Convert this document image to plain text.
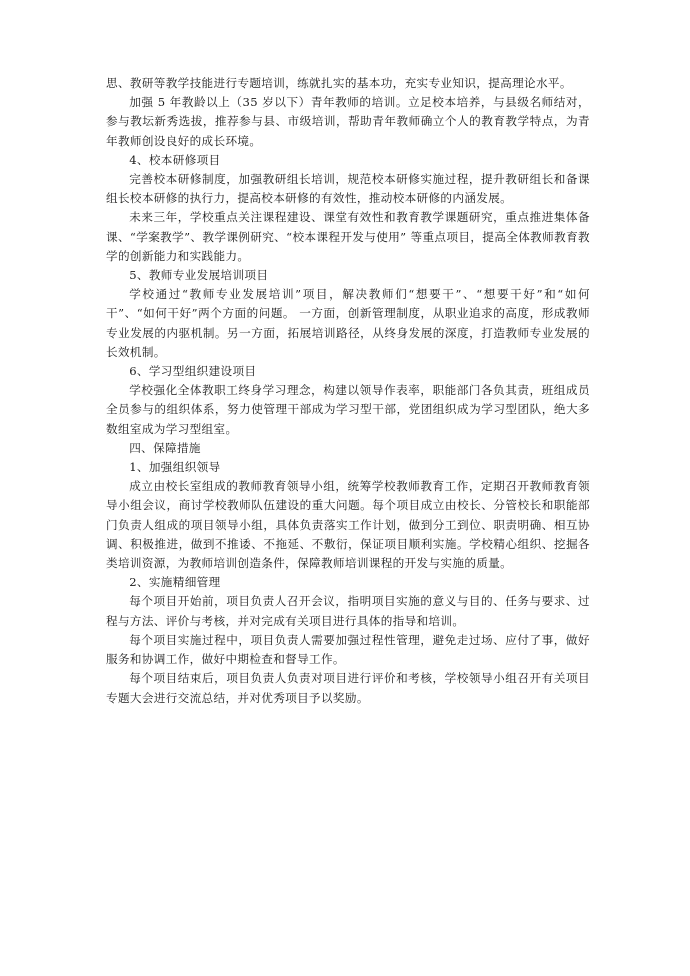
思、教研等教学技能进行专题培训，练就扎实的基本功，充实专业知识，提高理论水平。

加强 5 年教龄以上（35 岁以下）青年教师的培训。立足校本培养，与县级名师结对，参与教坛新秀选拔，推荐参与县、市级培训，帮助青年教师确立个人的教育教学特点，为青年教师创设良好的成长环境。

4、校本研修项目

完善校本研修制度，加强教研组长培训，规范校本研修实施过程，提升教研组长和备课组长校本研修的执行力，提高校本研修的有效性，推动校本研修的内涵发展。

未来三年，学校重点关注课程建设、课堂有效性和教育教学课题研究，重点推进集体备课、“学案教学”、教学课例研究、“校本课程开发与使用” 等重点项目，提高全体教师教育教学的创新能力和实践能力。

5、教师专业发展培训项目

学校通过“教师专业发展培训”项目，解决教师们“想要干”、“想要干好”和“如何干”、“如何干好”两个方面的问题。 一方面，创新管理制度，从职业追求的高度，形成教师专业发展的内驱机制。另一方面，拓展培训路径，从终身发展的深度，打造教师专业发展的长效机制。

6、学习型组织建设项目

学校强化全体教职工终身学习理念，构建以领导作表率，职能部门各负其责，班组成员全员参与的组织体系，努力使管理干部成为学习型干部，党团组织成为学习型团队，绝大多数组室成为学习型组室。

四、保障措施

1、加强组织领导

成立由校长室组成的教师教育领导小组，统筹学校教师教育工作，定期召开教师教育领导小组会议，商讨学校教师队伍建设的重大问题。每个项目成立由校长、分管校长和职能部门负责人组成的项目领导小组，具体负责落实工作计划，做到分工到位、职责明确、相互协调、积极推进，做到不推诿、不拖延、不敷衍，保证项目顺利实施。学校精心组织、挖掘各类培训资源，为教师培训创造条件，保障教师培训课程的开发与实施的质量。

2、实施精细管理

每个项目开始前，项目负责人召开会议，指明项目实施的意义与目的、任务与要求、过程与方法、评价与考核，并对完成有关项目进行具体的指导和培训。

每个项目实施过程中，项目负责人需要加强过程性管理，避免走过场、应付了事，做好服务和协调工作，做好中期检查和督导工作。

每个项目结束后，项目负责人负责对项目进行评价和考核，学校领导小组召开有关项目专题大会进行交流总结，并对优秀项目予以奖励。
